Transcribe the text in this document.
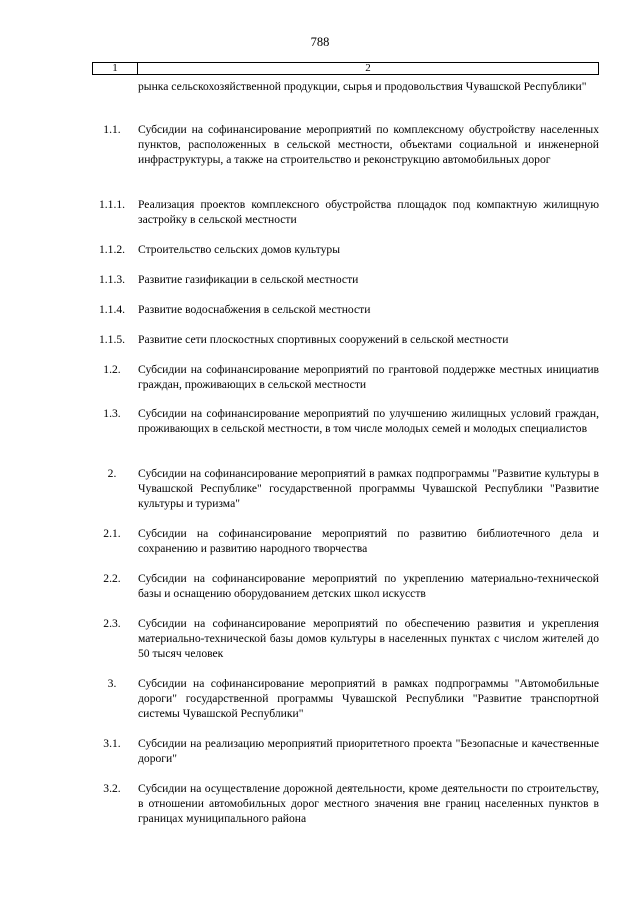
788
1	2
рынка сельскохозяйственной продукции, сырья и продовольствия Чувашской Республики"
1.1.	Субсидии на софинансирование мероприятий по комплексному обустройству населенных пунктов, расположенных в сельской местности, объектами социальной и инженерной инфраструктуры, а также на строительство и реконструкцию автомобильных дорог
1.1.1.	Реализация проектов комплексного обустройства площадок под компактную жилищную застройку в сельской местности
1.1.2.	Строительство сельских домов культуры
1.1.3.	Развитие газификации в сельской местности
1.1.4.	Развитие водоснабжения в сельской местности
1.1.5.	Развитие сети плоскостных спортивных сооружений в сельской местности
1.2.	Субсидии на софинансирование мероприятий по грантовой поддержке местных инициатив граждан, проживающих в сельской местности
1.3.	Субсидии на софинансирование мероприятий по улучшению жилищных условий граждан, проживающих в сельской местности, в том числе молодых семей и молодых специалистов
2.	Субсидии на софинансирование мероприятий в рамках подпрограммы "Развитие культуры в Чувашской Республике" государственной программы Чувашской Республики "Развитие культуры и туризма"
2.1.	Субсидии на софинансирование мероприятий по развитию библиотечного дела и сохранению и развитию народного творчества
2.2.	Субсидии на софинансирование мероприятий по укреплению материально-технической базы и оснащению оборудованием детских школ искусств
2.3.	Субсидии на софинансирование мероприятий по обеспечению развития и укрепления материально-технической базы домов культуры в населенных пунктах с числом жителей до 50 тысяч человек
3.	Субсидии на софинансирование мероприятий в рамках подпрограммы "Автомобильные дороги" государственной программы Чувашской Республики "Развитие транспортной системы Чувашской Республики"
3.1.	Субсидии на реализацию мероприятий приоритетного проекта "Безопасные и качественные дороги"
3.2.	Субсидии на осуществление дорожной деятельности, кроме деятельности по строительству, в отношении автомобильных дорог местного значения вне границ населенных пунктов в границах муниципального района
